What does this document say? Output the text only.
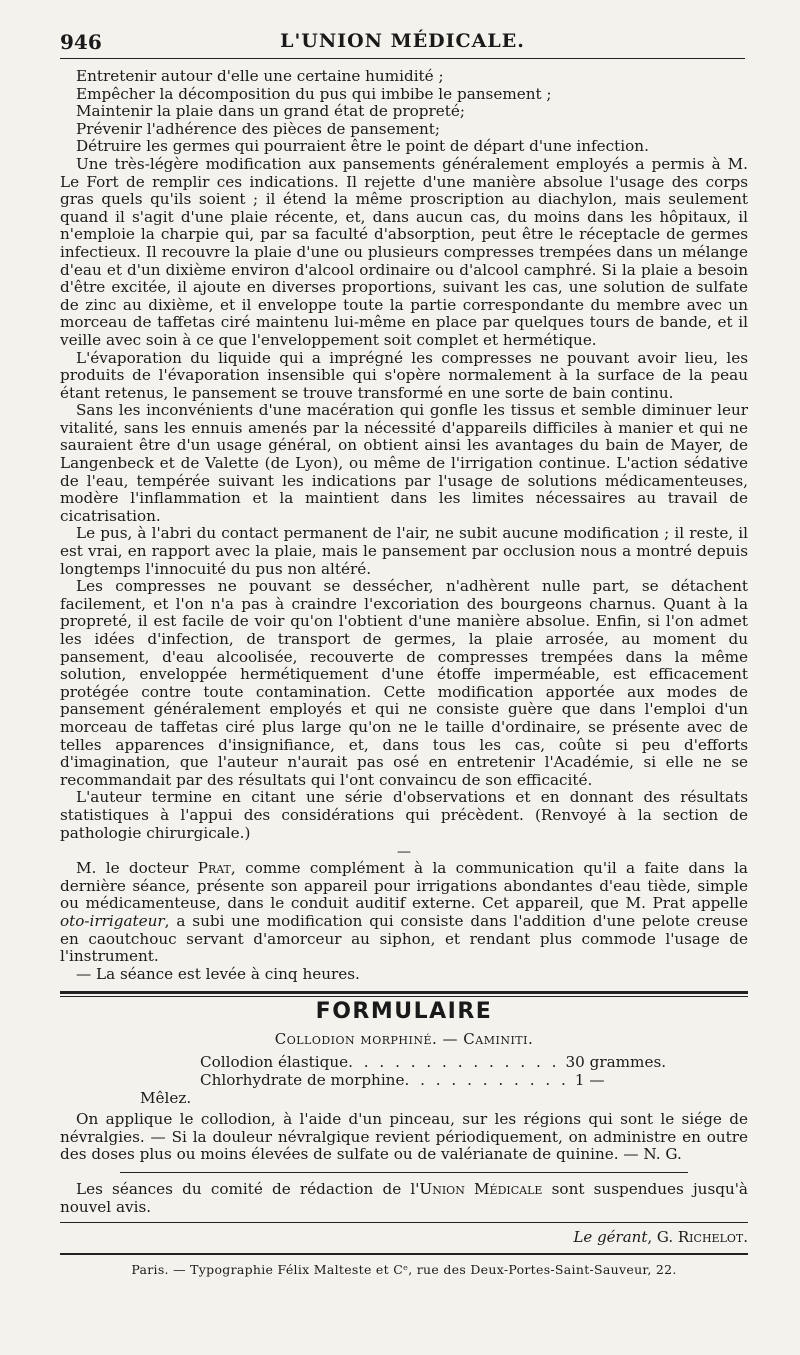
946	L'UNION MÉDICALE.

Entretenir autour d'elle une certaine humidité ;

Empêcher la décomposition du pus qui imbibe le pansement ;

Maintenir la plaie dans un grand état de propreté;

Prévenir l'adhérence des pièces de pansement;

Détruire les germes qui pourraient être le point de départ d'une infection.

Une très-légère modification aux pansements généralement employés a permis à M. Le Fort de remplir ces indications. Il rejette d'une manière absolue l'usage des corps gras quels qu'ils soient ; il étend la même proscription au diachylon, mais seulement quand il s'agit d'une plaie récente, et, dans aucun cas, du moins dans les hôpitaux, il n'emploie la charpie qui, par sa faculté d'absorption, peut être le réceptacle de germes infectieux. Il recouvre la plaie d'une ou plusieurs compresses trempées dans un mélange d'eau et d'un dixième environ d'alcool ordinaire ou d'alcool camphré. Si la plaie a besoin d'être excitée, il ajoute en diverses proportions, suivant les cas, une solution de sulfate de zinc au dixième, et il enveloppe toute la partie correspondante du membre avec un morceau de taffetas ciré maintenu lui-même en place par quelques tours de bande, et il veille avec soin à ce que l'enveloppement soit complet et hermétique.

L'évaporation du liquide qui a imprégné les compresses ne pouvant avoir lieu, les produits de l'évaporation insensible qui s'opère normalement à la surface de la peau étant retenus, le pansement se trouve transformé en une sorte de bain continu.

Sans les inconvénients d'une macération qui gonfle les tissus et semble diminuer leur vitalité, sans les ennuis amenés par la nécessité d'appareils difficiles à manier et qui ne sauraient être d'un usage général, on obtient ainsi les avantages du bain de Mayer, de Langenbeck et de Valette (de Lyon), ou même de l'irrigation continue. L'action sédative de l'eau, tempérée suivant les indications par l'usage de solutions médicamenteuses, modère l'inflammation et la maintient dans les limites nécessaires au travail de cicatrisation.

Le pus, à l'abri du contact permanent de l'air, ne subit aucune modification ; il reste, il est vrai, en rapport avec la plaie, mais le pansement par occlusion nous a montré depuis longtemps l'innocuité du pus non altéré.

Les compresses ne pouvant se dessécher, n'adhèrent nulle part, se détachent facilement, et l'on n'a pas à craindre l'excoriation des bourgeons charnus. Quant à la propreté, il est facile de voir qu'on l'obtient d'une manière absolue. Enfin, si l'on admet les idées d'infection, de transport de germes, la plaie arrosée, au moment du pansement, d'eau alcoolisée, recouverte de compresses trempées dans la même solution, enveloppée hermétiquement d'une étoffe imperméable, est efficacement protégée contre toute contamination. Cette modification apportée aux modes de pansement généralement employés et qui ne consiste guère que dans l'emploi d'un morceau de taffetas ciré plus large qu'on ne le taille d'ordinaire, se présente avec de telles apparences d'insignifiance, et, dans tous les cas, coûte si peu d'efforts d'imagination, que l'auteur n'aurait pas osé en entretenir l'Académie, si elle ne se recommandait par des résultats qui l'ont convaincu de son efficacité.

L'auteur termine en citant une série d'observations et en donnant des résultats statistiques à l'appui des considérations qui précèdent. (Renvoyé à la section de pathologie chirurgicale.)

—

M. le docteur Prat, comme complément à la communication qu'il a faite dans la dernière séance, présente son appareil pour irrigations abondantes d'eau tiède, simple ou médicamenteuse, dans le conduit auditif externe. Cet appareil, que M. Prat appelle oto-irrigateur, a subi une modification qui consiste dans l'addition d'une pelote creuse en caoutchouc servant d'amorceur au siphon, et rendant plus commode l'usage de l'instrument.

— La séance est levée à cinq heures.

FORMULAIRE
Collodion morphiné. — Caminiti.
Collodion élastique . . . . . . . . . . . . . . 30 grammes.
Chlorhydrate de morphine . . . . . . . . . . . 1 —
Mêlez.

On applique le collodion, à l'aide d'un pinceau, sur les régions qui sont le siége de névralgies. — Si la douleur névralgique revient périodiquement, on administre en outre des doses plus ou moins élevées de sulfate ou de valérianate de quinine. — N. G.

Les séances du comité de rédaction de l'Union Médicale sont suspendues jusqu'à nouvel avis.

Le gérant, G. Richelot.
Paris. — Typographie Félix Malteste et Cᵉ, rue des Deux-Portes-Saint-Sauveur, 22.
